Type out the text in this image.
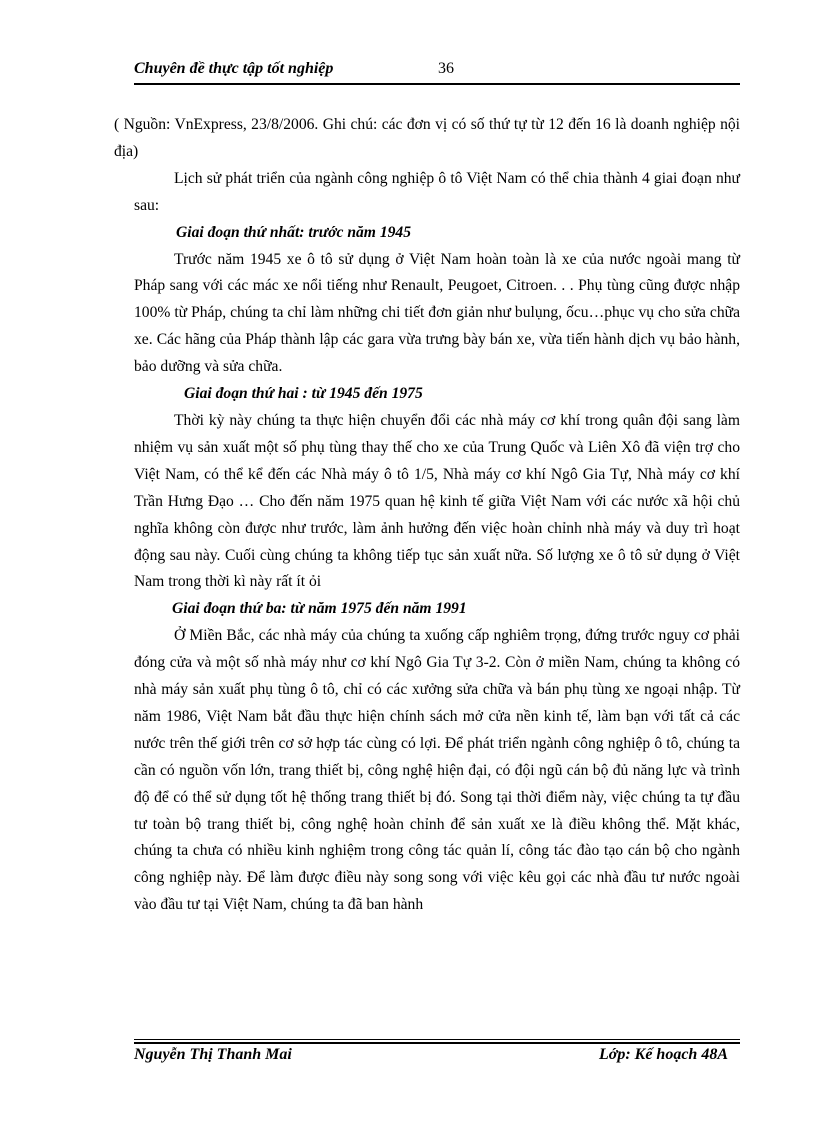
Chuyên đề thực tập tốt nghiệp	36

( Nguồn: VnExpress, 23/8/2006. Ghi chú: các đơn vị có số thứ tự từ 12 đến 16 là doanh nghiệp nội địa)

Lịch sử phát triển của ngành công nghiệp ô tô Việt Nam có thể chia thành 4 giai đoạn như sau:

Giai đoạn thứ nhất: trước năm 1945

Trước năm 1945 xe ô tô sử dụng ở Việt Nam hoàn toàn là xe của nước ngoài mang từ Pháp sang với các mác xe nổi tiếng như Renault, Peugoet, Citroen. . . Phụ tùng cũng được nhập 100% từ Pháp, chúng ta chỉ làm những chi tiết đơn giản như bulụng, ốcu…phục vụ cho sửa chữa xe. Các hãng của Pháp thành lập các gara vừa trưng bày bán xe, vừa tiến hành dịch vụ bảo hành, bảo dưỡng và sửa chữa.

Giai đoạn thứ hai : từ 1945 đến 1975

Thời kỳ này chúng ta thực hiện chuyển đổi các nhà máy cơ khí trong quân đội sang làm nhiệm vụ sản xuất một số phụ tùng thay thế cho xe của Trung Quốc và Liên Xô đã viện trợ cho Việt Nam, có thể kể đến các Nhà máy ô tô 1/5, Nhà máy cơ khí Ngô Gia Tự, Nhà máy cơ khí Trần Hưng Đạo … Cho đến năm 1975 quan hệ kinh tế giữa Việt Nam với các nước xã hội chủ nghĩa không còn được như trước, làm ảnh hưởng đến việc hoàn chỉnh nhà máy và duy trì hoạt động sau này. Cuối cùng chúng ta không tiếp tục sản xuất nữa. Số lượng xe ô tô sử dụng ở Việt Nam trong thời kì này rất ít ỏi

Giai đoạn thứ ba: từ năm 1975 đến năm 1991

Ở Miền Bắc, các nhà máy của chúng ta xuống cấp nghiêm trọng, đứng trước nguy cơ phải đóng cửa và một số nhà máy như cơ khí Ngô Gia Tự 3-2. Còn ở miền Nam, chúng ta không có nhà máy sản xuất phụ tùng ô tô, chỉ có các xưởng sửa chữa và bán phụ tùng xe ngoại nhập. Từ năm 1986, Việt Nam bắt đầu thực hiện chính sách mở cửa nền kinh tế, làm bạn với tất cả các nước trên thế giới trên cơ sở hợp tác cùng có lợi. Để phát triển ngành công nghiệp ô tô, chúng ta cần có nguồn vốn lớn, trang thiết bị, công nghệ hiện đại, có đội ngũ cán bộ đủ năng lực và trình độ để có thể sử dụng tốt hệ thống trang thiết bị đó. Song tại thời điểm này, việc chúng ta tự đầu tư toàn bộ trang thiết bị, công nghệ hoàn chỉnh để sản xuất xe là điều không thể. Mặt khác, chúng ta chưa có nhiều kinh nghiệm trong công tác quản lí, công tác đào tạo cán bộ cho ngành công nghiệp này. Để làm được điều này song song với việc kêu gọi các nhà đầu tư nước ngoài vào đầu tư tại Việt Nam, chúng ta đã ban hành

Nguyễn Thị Thanh Mai	Lớp: Kế hoạch 48A
